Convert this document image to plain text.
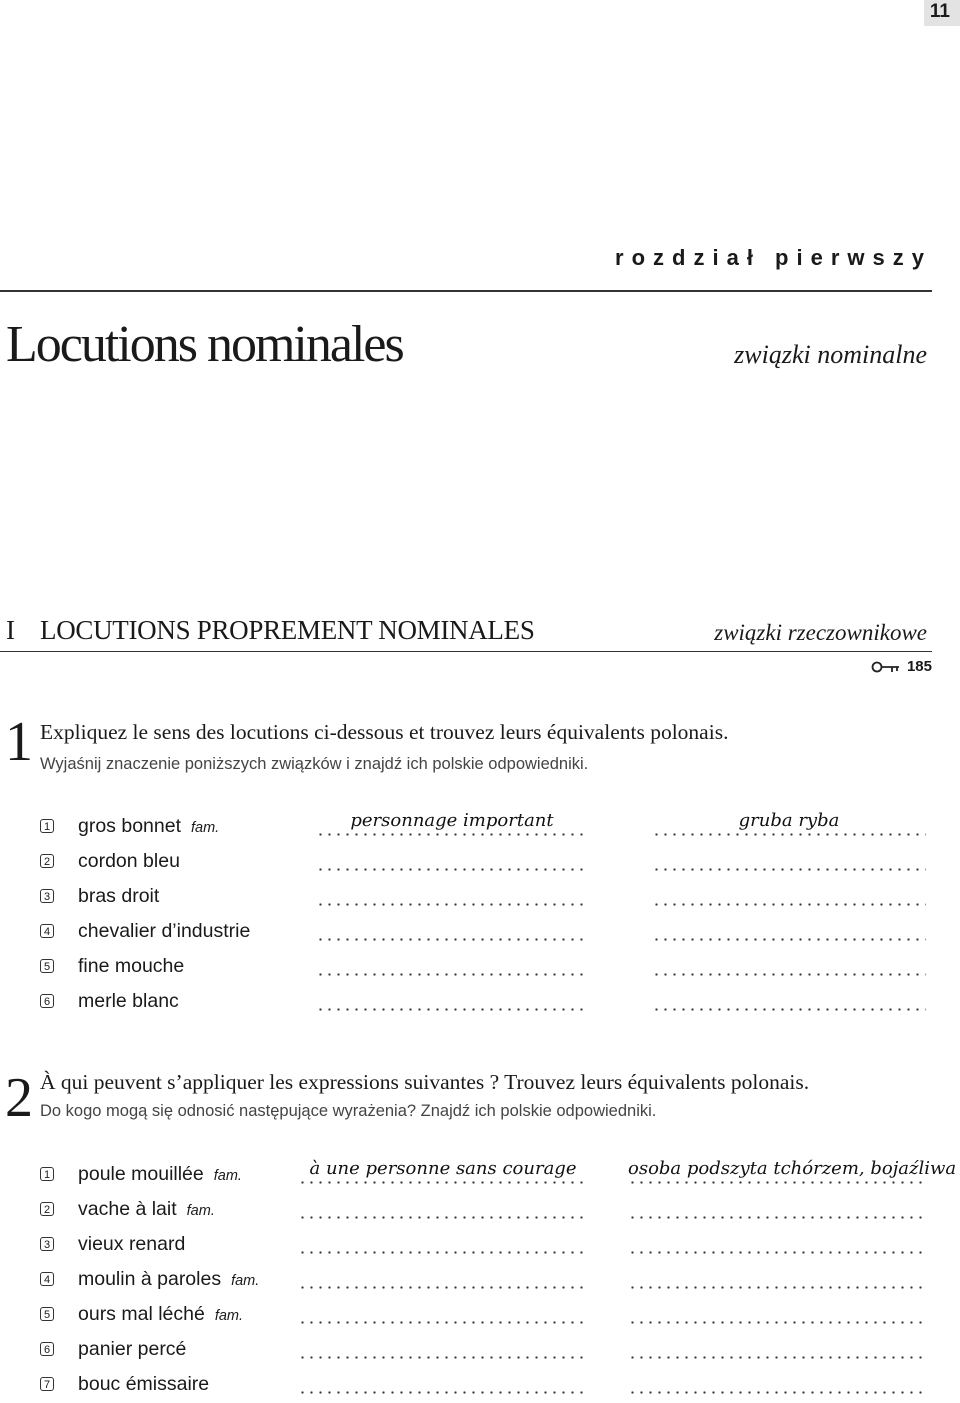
11
rozdział pierwszy
Locutions nominales	związki nominalne
I LOCUTIONS PROPREMENT NOMINALES	związki rzeczownikowe
185
1 Expliquez le sens des locutions ci-dessous et trouvez leurs équivalents polonais.
Wyjaśnij znaczenie poniższych związków i znajdź ich polskie odpowiedniki.
1 gros bonnet fam.	personnage important	gruba ryba
2 cordon bleu
3 bras droit
4 chevalier d’industrie
5 fine mouche
6 merle blanc
2 À qui peuvent s’appliquer les expressions suivantes ? Trouvez leurs équivalents polonais.
Do kogo mogą się odnosić następujące wyrażenia? Znajdź ich polskie odpowiedniki.
1 poule mouillée fam.	à une personne sans courage	osoba podszyta tchórzem, bojaźliwa
2 vache à lait fam.
3 vieux renard
4 moulin à paroles fam.
5 ours mal léché fam.
6 panier percé
7 bouc émissaire
